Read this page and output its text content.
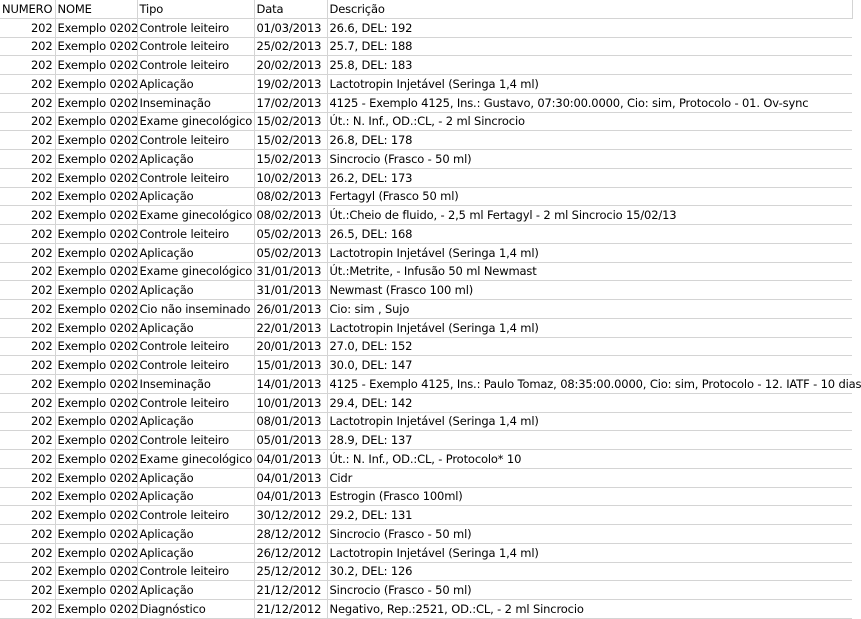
NUMERO	NOME	Tipo	Data	Descrição
202	Exemplo 0202	Controle leiteiro	01/03/2013	26.6, DEL: 192
202	Exemplo 0202	Controle leiteiro	25/02/2013	25.7, DEL: 188
202	Exemplo 0202	Controle leiteiro	20/02/2013	25.8, DEL: 183
202	Exemplo 0202	Aplicação	19/02/2013	Lactotropin Injetável (Seringa 1,4 ml)
202	Exemplo 0202	Inseminação	17/02/2013	4125 - Exemplo 4125, Ins.: Gustavo, 07:30:00.0000, Cio: sim, Protocolo - 01. Ov-sync
202	Exemplo 0202	Exame ginecológico	15/02/2013	Út.: N. Inf., OD.:CL, - 2 ml Sincrocio
202	Exemplo 0202	Controle leiteiro	15/02/2013	26.8, DEL: 178
202	Exemplo 0202	Aplicação	15/02/2013	Sincrocio (Frasco - 50 ml)
202	Exemplo 0202	Controle leiteiro	10/02/2013	26.2, DEL: 173
202	Exemplo 0202	Aplicação	08/02/2013	Fertagyl (Frasco 50 ml)
202	Exemplo 0202	Exame ginecológico	08/02/2013	Út.:Cheio de fluido, - 2,5 ml Fertagyl - 2 ml Sincrocio 15/02/13
202	Exemplo 0202	Controle leiteiro	05/02/2013	26.5, DEL: 168
202	Exemplo 0202	Aplicação	05/02/2013	Lactotropin Injetável (Seringa 1,4 ml)
202	Exemplo 0202	Exame ginecológico	31/01/2013	Út.:Metrite, - Infusão 50 ml Newmast
202	Exemplo 0202	Aplicação	31/01/2013	Newmast (Frasco 100 ml)
202	Exemplo 0202	Cio não inseminado	26/01/2013	Cio: sim , Sujo
202	Exemplo 0202	Aplicação	22/01/2013	Lactotropin Injetável (Seringa 1,4 ml)
202	Exemplo 0202	Controle leiteiro	20/01/2013	27.0, DEL: 152
202	Exemplo 0202	Controle leiteiro	15/01/2013	30.0, DEL: 147
202	Exemplo 0202	Inseminação	14/01/2013	4125 - Exemplo 4125, Ins.: Paulo Tomaz, 08:35:00.0000, Cio: sim, Protocolo - 12. IATF - 10 dias
202	Exemplo 0202	Controle leiteiro	10/01/2013	29.4, DEL: 142
202	Exemplo 0202	Aplicação	08/01/2013	Lactotropin Injetável (Seringa 1,4 ml)
202	Exemplo 0202	Controle leiteiro	05/01/2013	28.9, DEL: 137
202	Exemplo 0202	Exame ginecológico	04/01/2013	Út.: N. Inf., OD.:CL, - Protocolo* 10
202	Exemplo 0202	Aplicação	04/01/2013	Cidr
202	Exemplo 0202	Aplicação	04/01/2013	Estrogin (Frasco 100ml)
202	Exemplo 0202	Controle leiteiro	30/12/2012	29.2, DEL: 131
202	Exemplo 0202	Aplicação	28/12/2012	Sincrocio (Frasco - 50 ml)
202	Exemplo 0202	Aplicação	26/12/2012	Lactotropin Injetável (Seringa 1,4 ml)
202	Exemplo 0202	Controle leiteiro	25/12/2012	30.2, DEL: 126
202	Exemplo 0202	Aplicação	21/12/2012	Sincrocio (Frasco - 50 ml)
202	Exemplo 0202	Diagnóstico	21/12/2012	Negativo, Rep.:2521, OD.:CL, - 2 ml Sincrocio
